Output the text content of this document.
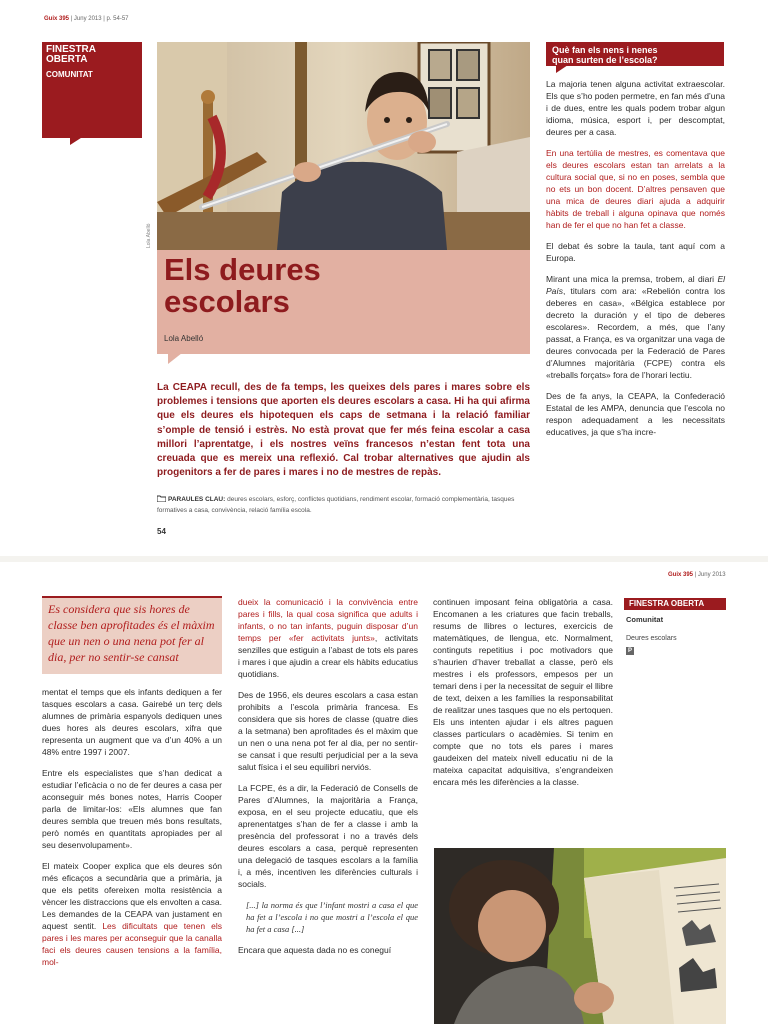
Guix 395 | Juny 2013 | p. 54-57
FINESTRA
OBERTA
COMUNITAT
Lola Abelló
Els deures
escolars
Lola Abelló

La CEAPA recull, des de fa temps, les queixes dels pares i mares sobre els problemes i tensions que aporten els deures escolars a casa. Hi ha qui afirma que els deures els hipotequen els caps de setmana i la relació familiar s’omple de tensió i estrès. No està provat que fer més feina escolar a casa millori l’aprentatge, i els nostres veïns francesos n’estan fent tota una creuada que es mereix una reflexió. Cal trobar alternatives que ajudin als progenitors a fer de pares i mares i no de mestres de repàs.

PARAULES CLAU: deures escolars, esforç, conflictes quotidians, rendiment escolar, formació complementària, tasques formatives a casa, convivència, relació família escola.
54
Què fan els nens i nenes
quan surten de l’escola?

La majoria tenen alguna activitat extraescolar. Els que s’ho poden permetre, en fan més d’una i de dues, entre les quals podem trobar algun idioma, música, esport i, per descomptat, deures per a casa.

En una tertúlia de mestres, es comentava que els deures escolars estan tan arrelats a la cultura social que, si no en poses, sembla que no ets un bon docent. D’altres pensaven que una mica de deures diari ajuda a adquirir hàbits de treball i alguna opinava que només han de fer el que no han fet a classe.

El debat és sobre la taula, tant aquí com a Europa.

Mirant una mica la premsa, trobem, al diari El País, titulars com ara: «Rebelión contra los deberes en casa», «Bélgica establece por decreto la duración y el tipo de deberes escolares». Recordem, a més, que l’any passat, a França, es va organitzar una vaga de deures convocada per la Federació de Pares d’Alumnes majoritària (FCPE) contra els «treballs forçats» fora de l’horari lectiu.

Des de fa anys, la CEAPA, la Confederació Estatal de les AMPA, denuncia que l’escola no respon adequadament a les necessitats educatives, ja que s’ha incre-

Guix 395 | Juny 2013
Es considera que sis hores de classe ben aprofitades és el màxim que un nen o una nena pot fer al dia, per no sentir-se cansat

mentat el temps que els infants dediquen a fer tasques escolars a casa. Gairebé un terç dels alumnes de primària espanyols dediquen unes dues hores als deures escolars, xifra que representa un augment que va d’un 40% a un 48% entre 1997 i 2007.

Entre els especialistes que s’han dedicat a estudiar l’eficàcia o no de fer deures a casa per aconseguir més bones notes, Harris Cooper parla de limitar-los: «Els alumnes que fan deures sembla que treuen més bons resultats, però només en quantitats apropiades per al seu desenvolupament».

El mateix Cooper explica que els deures són més eficaços a secundària que a primària, ja que els petits ofereixen molta resistència a vèncer les distraccions que els envolten a casa. Les demandes de la CEAPA van justament en aquest sentit. Les dificultats que tenen els pares i les mares per aconseguir que la canalla faci els deures causen tensions a la família, mol-

dueix la comunicació i la convivència entre pares i fills, la qual cosa significa que adults i infants, o no tan infants, puguin disposar d’un temps per «fer activitats junts», activitats senzilles que estiguin a l’abast de tots els pares i mares i que ajudin a crear els hàbits educatius quotidians.

Des de 1956, els deures escolars a casa estan prohibits a l’escola primària francesa. Es considera que sis hores de classe (quatre dies a la setmana) ben aprofitades és el màxim que un nen o una nena pot fer al dia, per no sentir-se cansat i que resulti perjudicial per a la seva salut física i el seu equilibri nerviós.

La FCPE, és a dir, la Federació de Consells de Pares d’Alumnes, la majoritària a França, exposa, en el seu projecte educatiu, que els aprenentatges s’han de fer a classe i amb la presència del professorat i no a través dels deures escolars a casa, perquè representen una delegació de tasques escolars a la família i, a més, incentiven les diferències culturals i socials.

[...] la norma és que l’infant mostri a casa el que ha fet a l’escola i no que mostri a l’escola el que ha fet a casa [...]

Encara que aquesta dada no es coneguí

continuen imposant feina obligatòria a casa. Encomanen a les criatures que facin treballs, resums de llibres o lectures, exercicis de matemàtiques, de llengua, etc. Normalment, continguts repetitius i poc motivadors que s’haurien d’haver treballat a classe, però els mestres i els professors, empesos per un temari dens i per la necessitat de seguir el llibre de text, deixen a les famílies la responsabilitat de realitzar unes tasques que no els pertoquen. Els uns intenten ajudar i els altres paguen classes particulars o acadèmies. Si tenim en compte que no tots els pares i mares gaudeixen del mateix nivell educatiu ni de la mateixa capacitat adquisitiva, s’engrandeixen encara més les diferències a la classe.

FINESTRA OBERTA
Comunitat
Deures escolars
P
